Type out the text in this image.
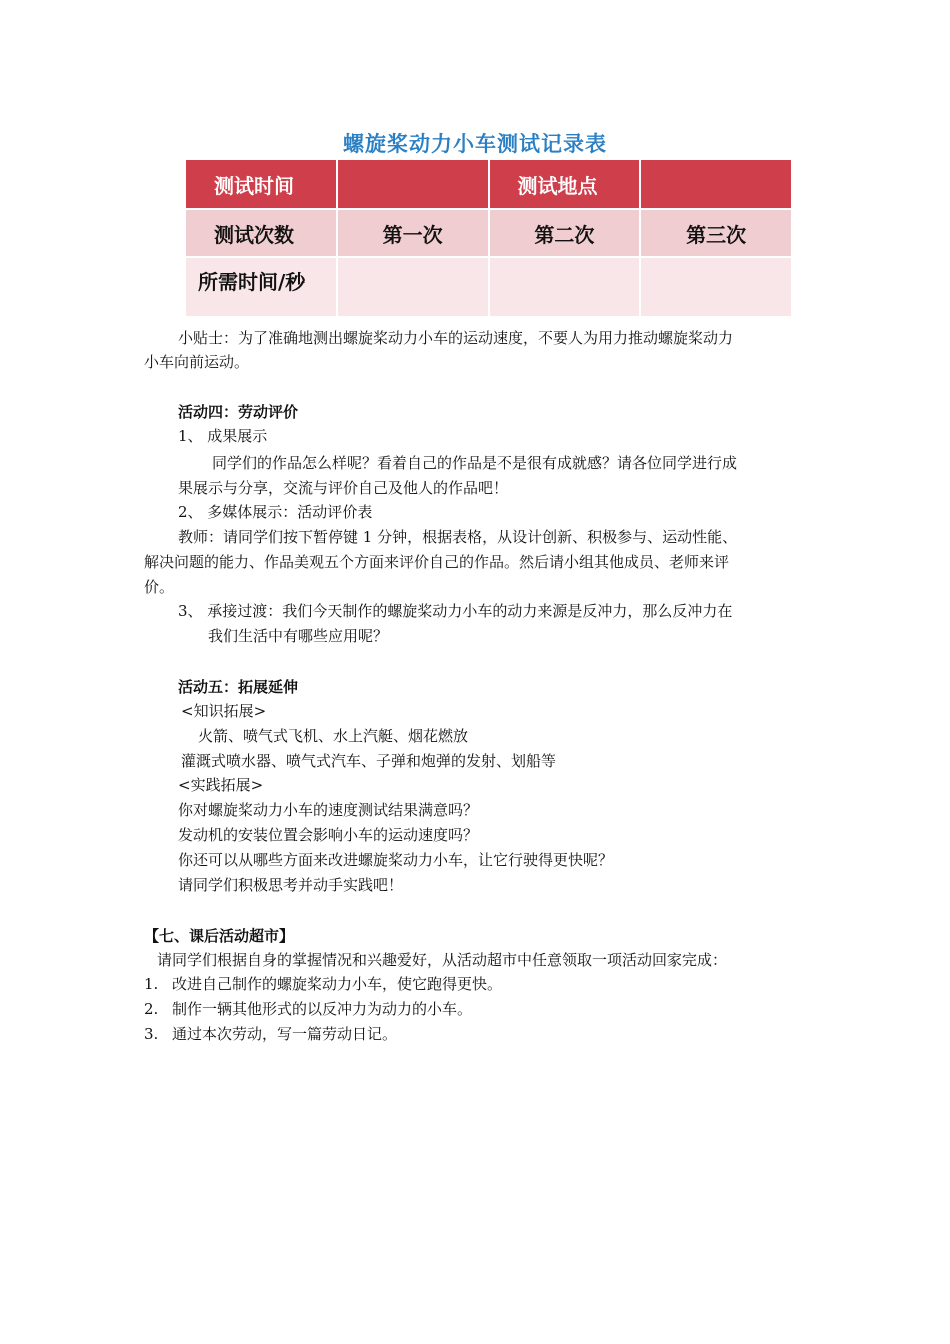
螺旋桨动力小车测试记录表
测试时间		测试地点	
测试次数	第一次	第二次	第三次
所需时间/秒			
小贴士：为了准确地测出螺旋桨动力小车的运动速度，不要人为用力推动螺旋桨动力
小车向前运动。
活动四：劳动评价
1、 成果展示
同学们的作品怎么样呢？看着自己的作品是不是很有成就感？请各位同学进行成
果展示与分享，交流与评价自己及他人的作品吧！
2、 多媒体展示：活动评价表
教师：请同学们按下暂停键 1 分钟，根据表格，从设计创新、积极参与、运动性能、
解决问题的能力、作品美观五个方面来评价自己的作品。然后请小组其他成员、老师来评
价。
3、 承接过渡：我们今天制作的螺旋桨动力小车的动力来源是反冲力，那么反冲力在
我们生活中有哪些应用呢？
活动五：拓展延伸
<知识拓展>
火箭、喷气式飞机、水上汽艇、烟花燃放
灌溉式喷水器、喷气式汽车、子弹和炮弹的发射、划船等
<实践拓展>
你对螺旋桨动力小车的速度测试结果满意吗？
发动机的安装位置会影响小车的运动速度吗？
你还可以从哪些方面来改进螺旋桨动力小车，让它行驶得更快呢？
请同学们积极思考并动手实践吧！
【七、课后活动超市】
请同学们根据自身的掌握情况和兴趣爱好，从活动超市中任意领取一项活动回家完成：
1. 改进自己制作的螺旋桨动力小车，使它跑得更快。
2. 制作一辆其他形式的以反冲力为动力的小车。
3. 通过本次劳动，写一篇劳动日记。
